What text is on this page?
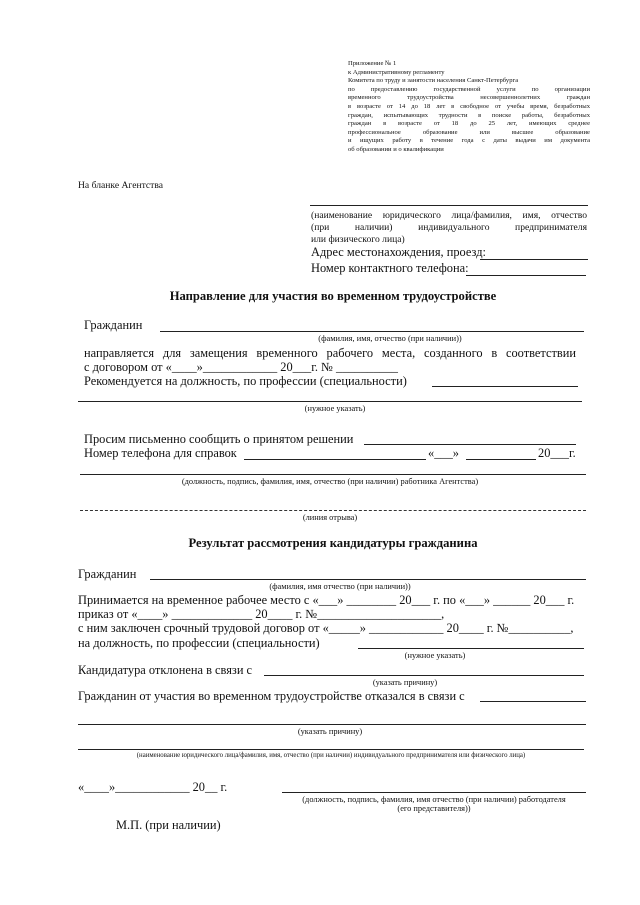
Приложение № 1
к Административному регламенту
Комитета по труду и занятости населения Санкт-Петербурга
по предоставлению государственной услуги по организации
временного трудоустройства несовершеннолетних граждан
в возрасте от 14 до 18 лет в свободное от учебы время, безработных
граждан, испытывающих трудности в поиске работы, безработных
граждан в возрасте от 18 до 25 лет, имеющих среднее
профессиональное образование или высшее образование
и ищущих работу в течение года с даты выдачи им документа
об образовании и о квалификации
На бланке Агентства
(наименование юридического лица/фамилия, имя, отчество
(при наличии) индивидуального предпринимателя
или физического лица)
Адрес местонахождения, проезд:
Номер контактного телефона:
Направление для участия во временном трудоустройстве
Гражданин
(фамилия, имя, отчество (при наличии))
направляется для замещения временного рабочего места, созданного в соответствии
с договором от «____»____________ 20___г. № __________
Рекомендуется на должность, по профессии (специальности)
(нужное указать)
Просим письменно сообщить о принятом решении
Номер телефона для справок	«___»	20___г.
(должность, подпись, фамилия, имя, отчество (при наличии) работника Агентства)
(линия отрыва)
Результат рассмотрения кандидатуры гражданина
Гражданин
(фамилия, имя отчество (при наличии))
Принимается на временное рабочее место с «___» ________ 20___ г. по «___» ______ 20___ г.
приказ от «____» _____________ 20____ г. №____________________,
с ним заключен срочный трудовой договор от «_____» ____________ 20____ г. №__________,
на должность, по профессии (специальности)
(нужное указать)
Кандидатура отклонена в связи с
(указать причину)
Гражданин от участия во временном трудоустройстве отказался в связи с
(указать причину)
(наименование юридического лица/фамилия, имя, отчество (при наличии) индивидуального предпринимателя или физического лица)
«____»____________ 20__ г.
(должность, подпись, фамилия, имя отчество (при наличии) работодателя
(его представителя))
М.П. (при наличии)
